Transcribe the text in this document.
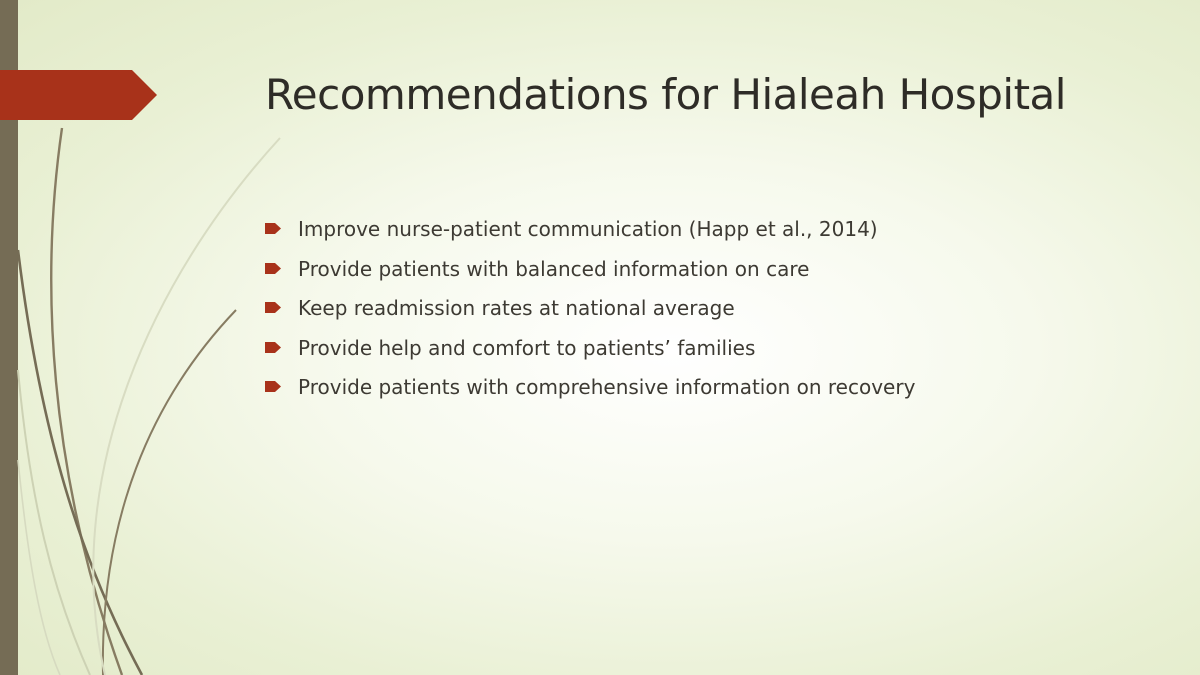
Recommendations for Hialeah Hospital
Improve nurse-patient communication (Happ et al., 2014)
Provide patients with balanced information on care
Keep readmission rates at national average
Provide help and comfort to patients’ families
Provide patients with comprehensive information on recovery
